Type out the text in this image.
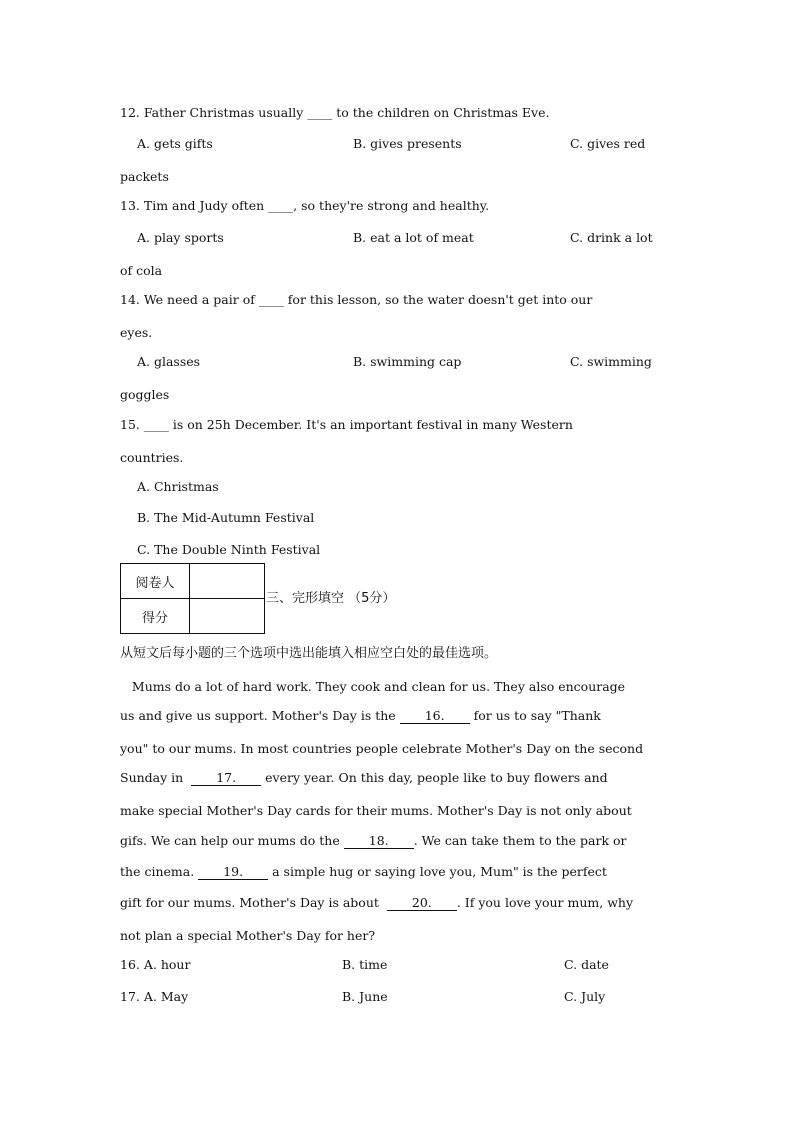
12. Father Christmas usually ____ to the children on Christmas Eve.
A. gets gifts	B. gives presents	C. gives red
packets
13. Tim and Judy often ____, so they're strong and healthy.
A. play sports	B. eat a lot of meat	C. drink a lot
of cola
14. We need a pair of ____ for this lesson, so the water doesn't get into our
eyes.
A. glasses	B. swimming cap	C. swimming
goggles
15. ____ is on 25h December. It's an important festival in many Western
countries.
A. Christmas
B. The Mid-Autumn Festival
C. The Double Ninth Festival
阅卷人	
得分	
三、完形填空 （5分）
从短文后每小题的三个选项中选出能填入相应空白处的最佳选项。
Mums do a lot of hard work. They cook and clean for us. They also encourage
us and give us support. Mother's Day is the 16. for us to say "Thank
you" to our mums. In most countries people celebrate Mother's Day on the second
Sunday in  17. every year. On this day, people like to buy flowers and
make special Mother's Day cards for their mums. Mother's Day is not only about
gifs. We can help our mums do the 18. . We can take them to the park or
the cinema. 19. a simple hug or saying love you, Mum" is the perfect
gift for our mums. Mother's Day is about  20. . If you love your mum, why
not plan a special Mother's Day for her?
16. A. hour	B. time	C. date
17. A. May	B. June	C. July
